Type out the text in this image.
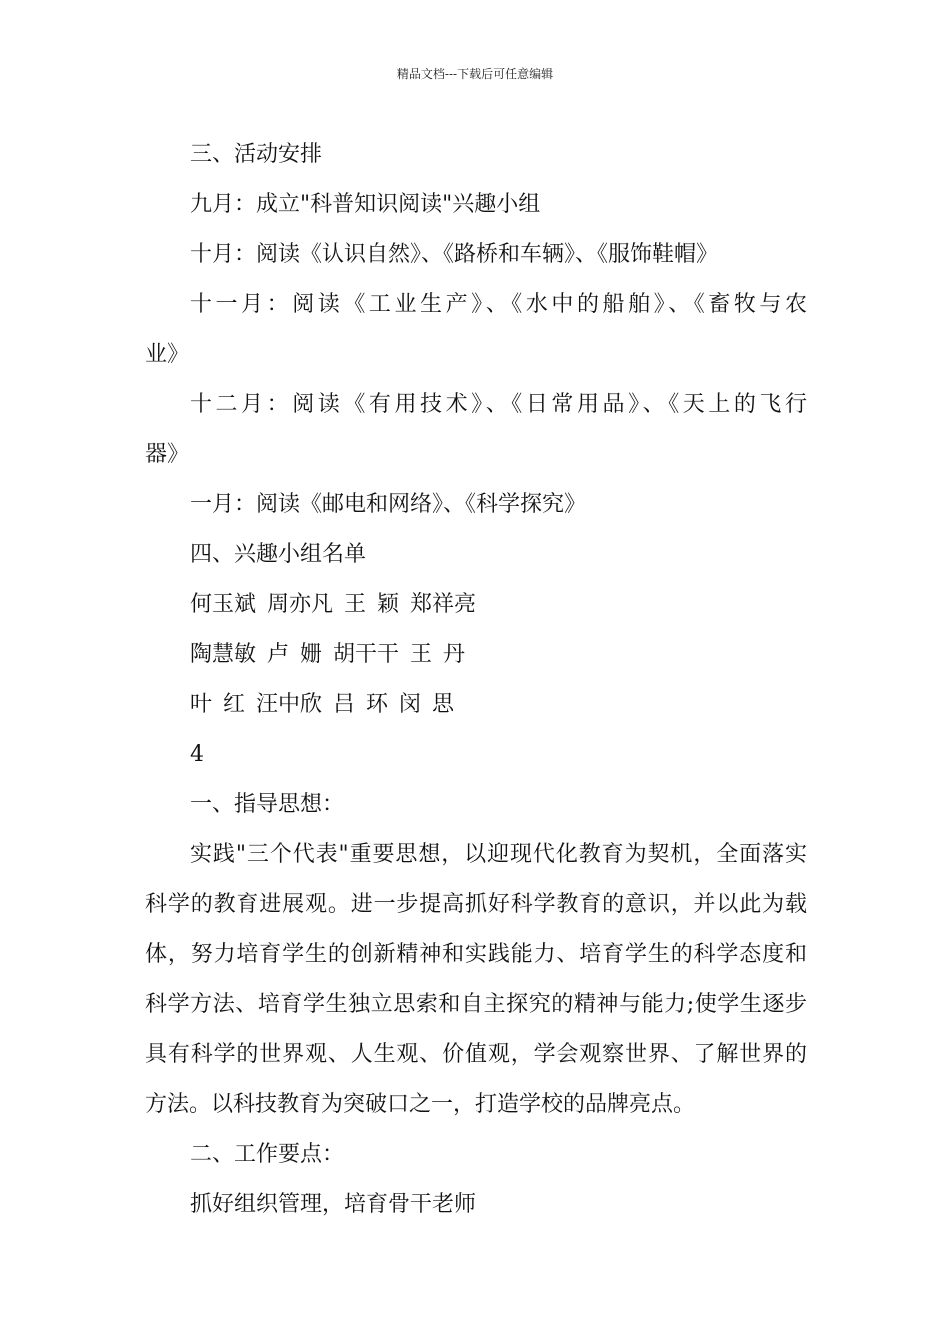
精品文档---下载后可任意编辑
三、活动安排
九月：成立"科普知识阅读"兴趣小组
十月：阅读《认识自然》、《路桥和车辆》、《服饰鞋帽》
十一月：阅读《工业生产》、《水中的船舶》、《畜牧与农
业》
十二月：阅读《有用技术》、《日常用品》、《天上的飞行
器》
一月：阅读《邮电和网络》、《科学探究》
四、兴趣小组名单
何玉斌 周亦凡 王 颖 郑祥亮
陶慧敏 卢 姗 胡干干 王 丹
叶 红 汪中欣 吕 环 闵 思
4
一、指导思想：
实践"三个代表"重要思想，以迎现代化教育为契机，全面落实
科学的教育进展观。进一步提高抓好科学教育的意识，并以此为载
体，努力培育学生的创新精神和实践能力、培育学生的科学态度和
科学方法、培育学生独立思索和自主探究的精神与能力;使学生逐步
具有科学的世界观、人生观、价值观，学会观察世界、了解世界的
方法。以科技教育为突破口之一，打造学校的品牌亮点。
二、工作要点：
抓好组织管理，培育骨干老师
